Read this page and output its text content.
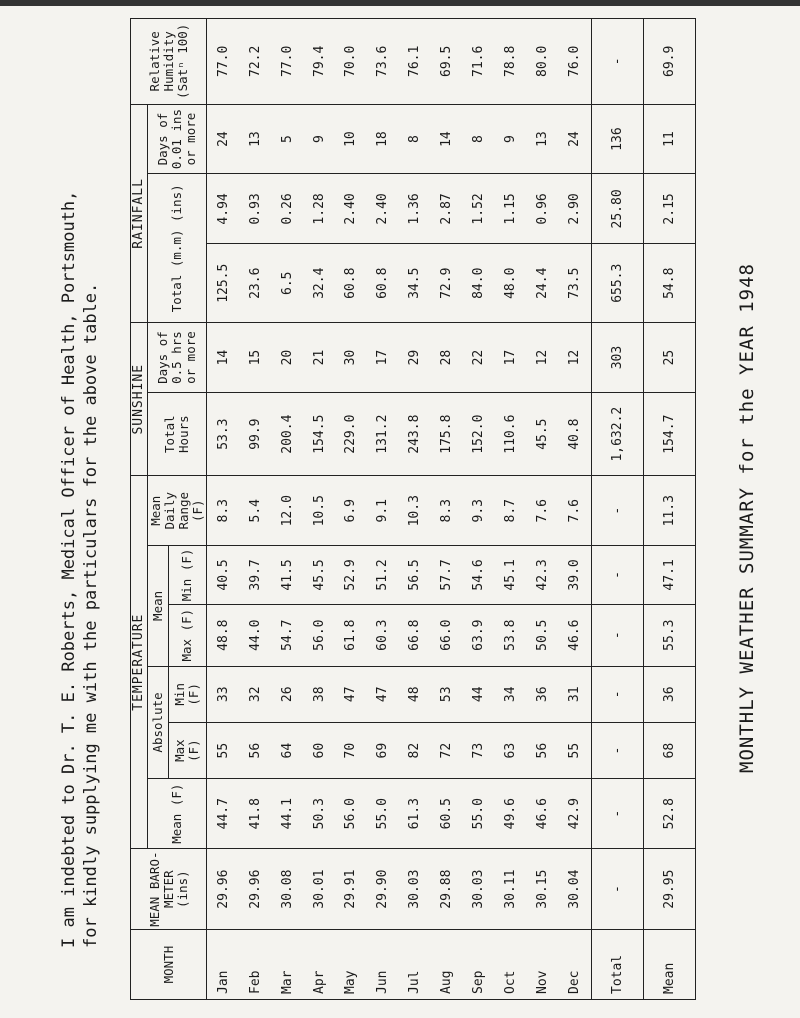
MONTHLY WEATHER SUMMARY for the YEAR 1948
MONTH	MEAN BARO- METER (ins)	TEMPERATURE						SUNSHINE		RAINFALL			Relative Humidity (Satⁿ 100)
		Mean (F)	Absolute		Mean		Mean Daily Range (F)	Total Hours	Days of 0.5 hrs or more	Total (m.m) (ins)		Days of 0.01 ins or more	
			Max (F)	Min (F)	Max (F)	Min (F)							
Jan	29.96	44.7	55	33	48.8	40.5	8.3	53.3	14	125.5	4.94	24	77.0
Feb	29.96	41.8	56	32	44.0	39.7	5.4	99.9	15	23.6	0.93	13	72.2
Mar	30.08	44.1	64	26	54.7	41.5	12.0	200.4	20	6.5	0.26	5	77.0
Apr	30.01	50.3	60	38	56.0	45.5	10.5	154.5	21	32.4	1.28	9	79.4
May	29.91	56.0	70	47	61.8	52.9	6.9	229.0	30	60.8	2.40	10	70.0
Jun	29.90	55.0	69	47	60.3	51.2	9.1	131.2	17	60.8	2.40	18	73.6
Jul	30.03	61.3	82	48	66.8	56.5	10.3	243.8	29	34.5	1.36	8	76.1
Aug	29.88	60.5	72	53	66.0	57.7	8.3	175.8	28	72.9	2.87	14	69.5
Sep	30.03	55.0	73	44	63.9	54.6	9.3	152.0	22	84.0	1.52	8	71.6
Oct	30.11	49.6	63	34	53.8	45.1	8.7	110.6	17	48.0	1.15	9	78.8
Nov	30.15	46.6	56	36	50.5	42.3	7.6	45.5	12	24.4	0.96	13	80.0
Dec	30.04	42.9	55	31	46.6	39.0	7.6	40.8	12	73.5	2.90	24	76.0
Total	-	-	-	-	-	-	-	1,632.2	303	655.3	25.80	136	-
Mean	29.95	52.8	68	36	55.3	47.1	11.3	154.7	25	54.8	2.15	11	69.9
I am indebted to Dr. T. E. Roberts, Medical Officer of Health, Portsmouth, for kindly supplying me with the particulars for the above table.
